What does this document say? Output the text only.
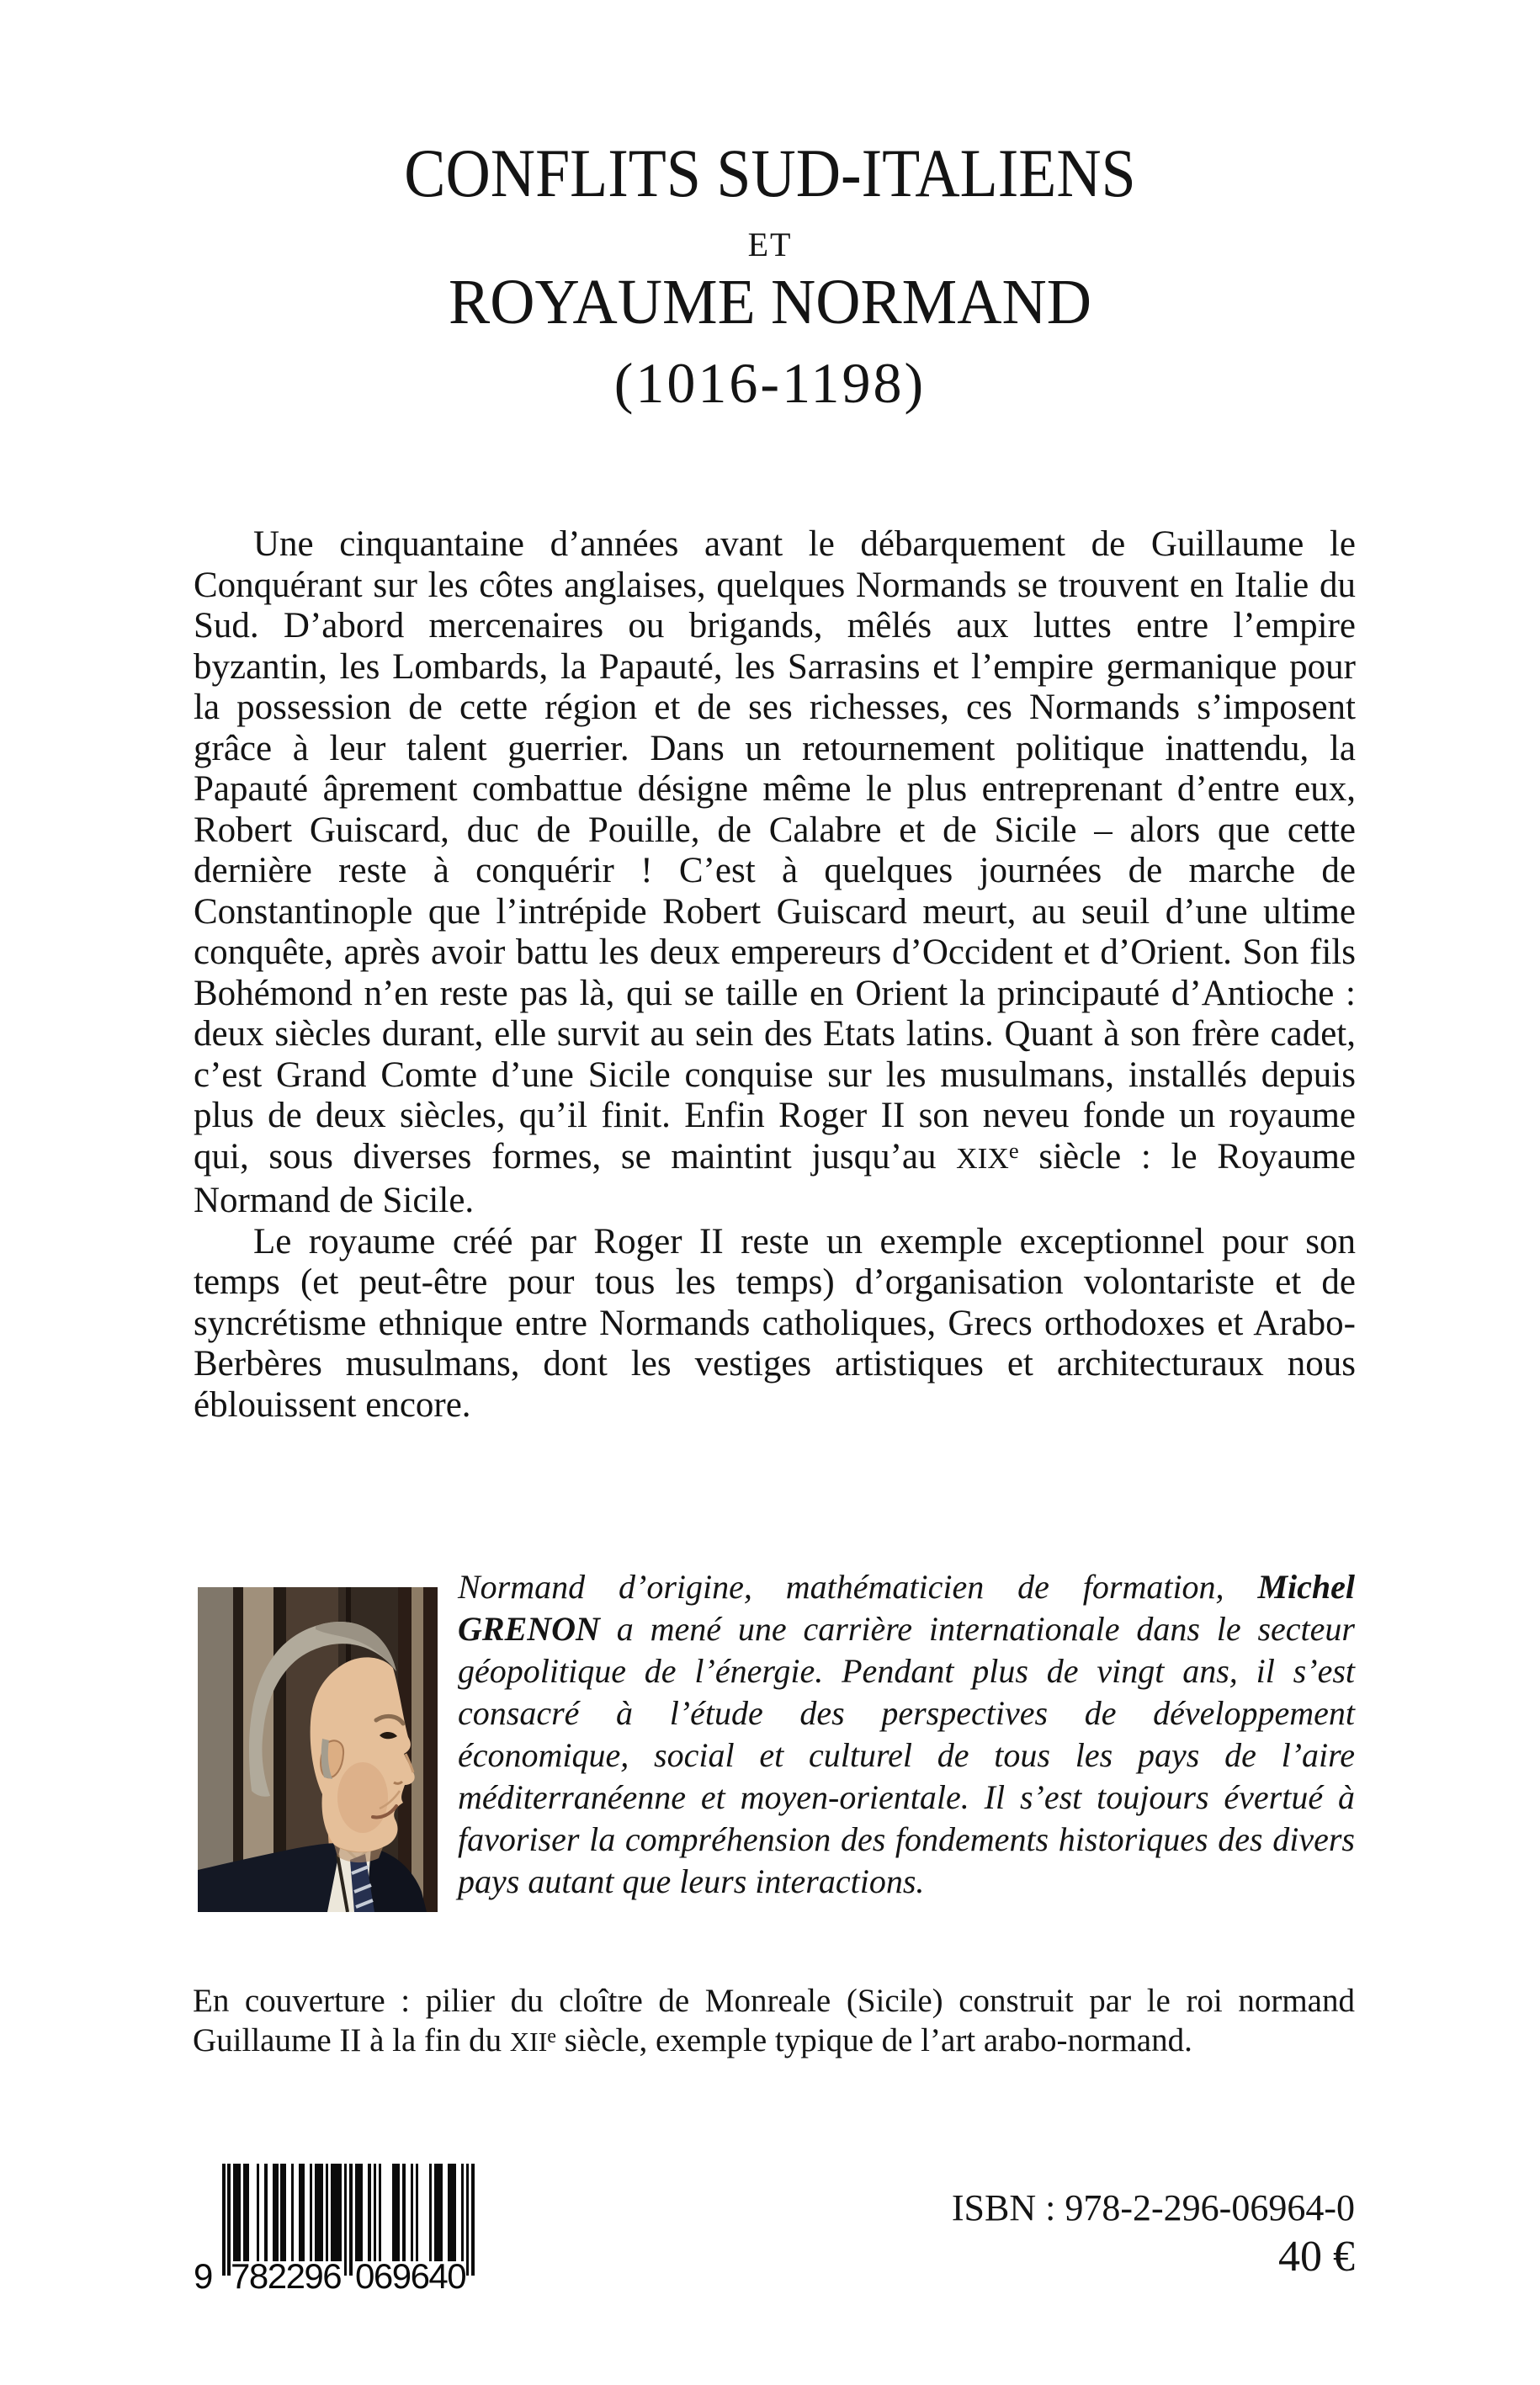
CONFLITS SUD-ITALIENS
ET
ROYAUME NORMAND
(1016-1198)

Une cinquantaine d’années avant le débarquement de Guillaume le Conquérant sur les côtes anglaises, quelques Normands se trouvent en Italie du Sud. D’abord mercenaires ou brigands, mêlés aux luttes entre l’empire byzantin, les Lombards, la Papauté, les Sarrasins et l’empire germanique pour la possession de cette région et de ses richesses, ces Normands s’imposent grâce à leur talent guerrier. Dans un retournement politique inattendu, la Papauté âprement combattue désigne même le plus entreprenant d’entre eux, Robert Guiscard, duc de Pouille, de Calabre et de Sicile – alors que cette dernière reste à conquérir ! C’est à quelques journées de marche de Constantinople que l’intrépide Robert Guiscard meurt, au seuil d’une ultime conquête, après avoir battu les deux empereurs d’Occident et d’Orient. Son fils Bohémond n’en reste pas là, qui se taille en Orient la principauté d’Antioche : deux siècles durant, elle survit au sein des Etats latins. Quant à son frère cadet, c’est Grand Comte d’une Sicile conquise sur les musulmans, installés depuis plus de deux siècles, qu’il finit. Enfin Roger II son neveu fonde un royaume qui, sous diverses formes, se maintint jusqu’au XIXe siècle : le Royaume Normand de Sicile.

Le royaume créé par Roger II reste un exemple exceptionnel pour son temps (et peut-être pour tous les temps) d’organisation volontariste et de syncrétisme ethnique entre Normands catholiques, Grecs orthodoxes et Arabo-Berbères musulmans, dont les vestiges artistiques et architecturaux nous éblouissent encore.

Normand d’origine, mathématicien de formation, Michel GRENON a mené une carrière internationale dans le secteur géopolitique de l’énergie. Pendant plus de vingt ans, il s’est consacré à l’étude des perspectives de développement économique, social et culturel de tous les pays de l’aire méditerranéenne et moyen-orientale. Il s’est toujours évertué à favoriser la compréhension des fondements historiques des divers pays autant que leurs interactions.

En couverture : pilier du cloître de Monreale (Sicile) construit par le roi normand Guillaume II à la fin du XIIe siècle, exemple typique de l’art arabo-normand.

9 782296 069640
ISBN : 978-2-296-06964-0
40 €
